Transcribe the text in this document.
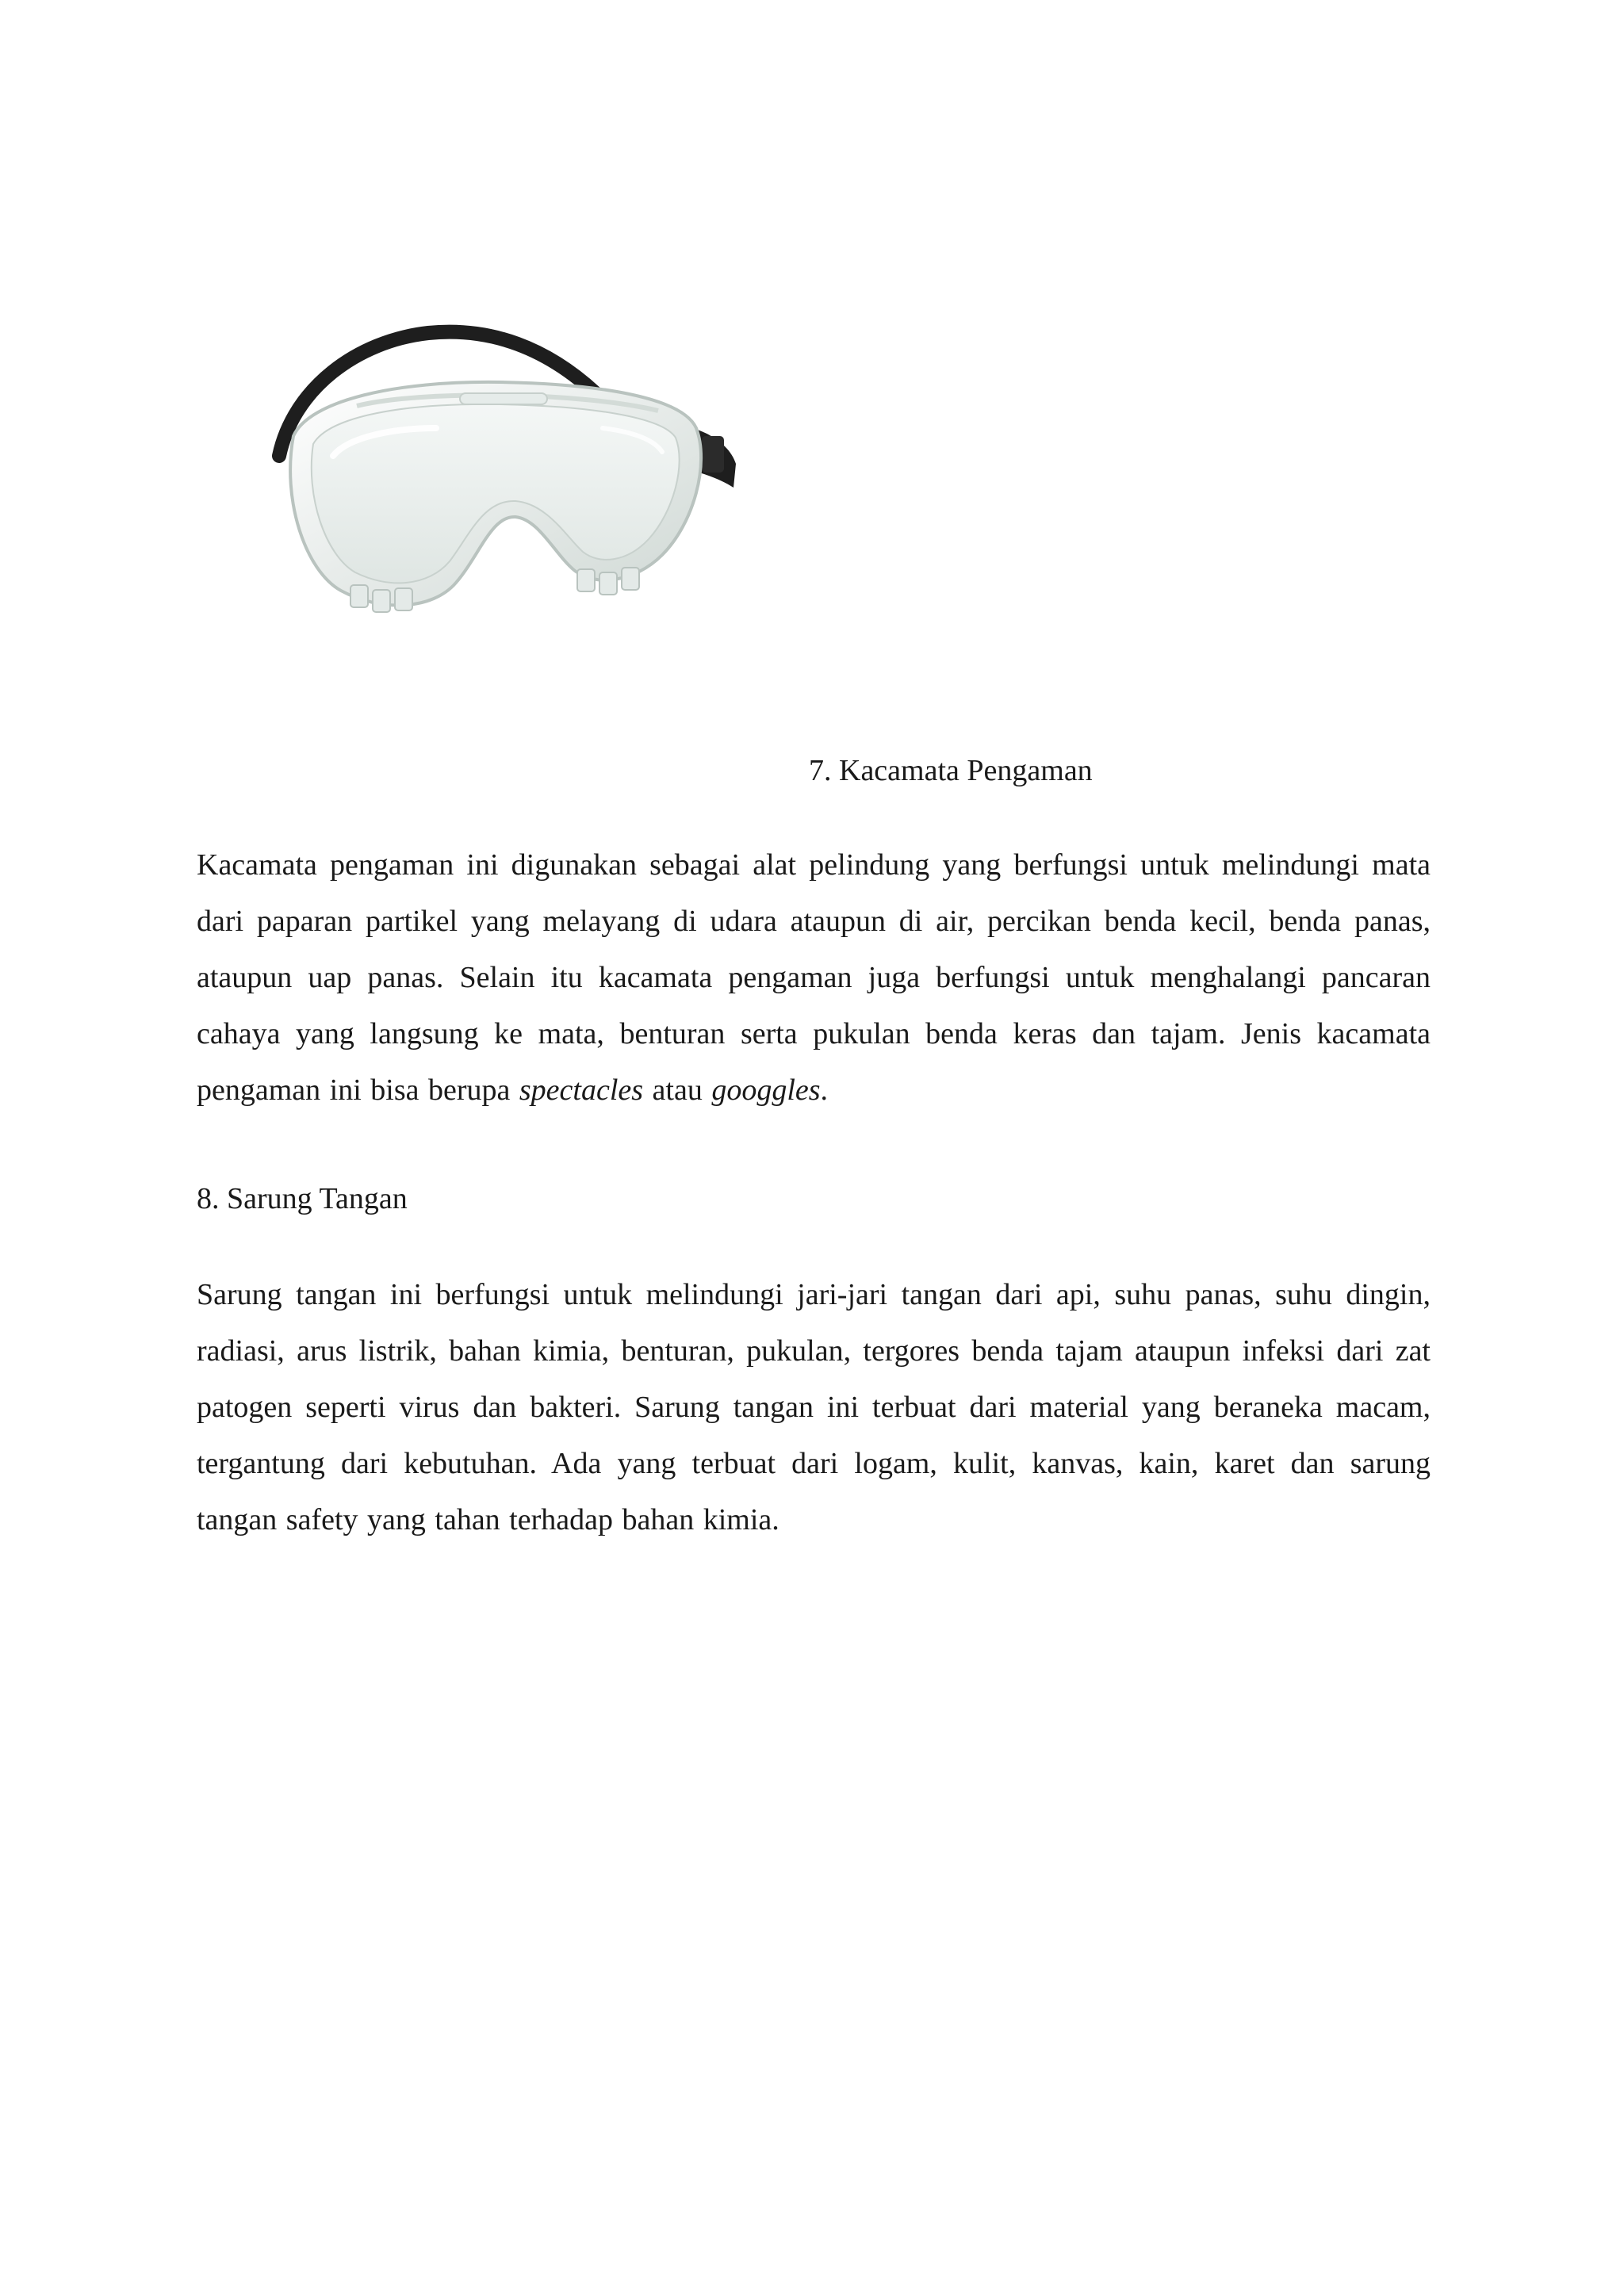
7. Kacamata Pengaman

Kacamata pengaman ini digunakan sebagai alat pelindung yang berfungsi untuk melindungi mata dari paparan partikel yang melayang di udara ataupun di air, percikan benda kecil, benda panas, ataupun uap panas. Selain itu kacamata pengaman juga berfungsi untuk menghalangi pancaran cahaya yang langsung ke mata, benturan serta pukulan benda keras dan tajam. Jenis kacamata pengaman ini bisa berupa spectacles atau googgles.

8. Sarung Tangan

Sarung tangan ini berfungsi untuk melindungi jari-jari tangan dari api, suhu panas, suhu dingin, radiasi, arus listrik, bahan kimia, benturan, pukulan, tergores benda tajam ataupun infeksi dari zat patogen seperti virus dan bakteri. Sarung tangan ini terbuat dari material yang beraneka macam, tergantung dari kebutuhan. Ada yang terbuat dari logam, kulit, kanvas, kain, karet dan sarung tangan safety yang tahan terhadap bahan kimia.
